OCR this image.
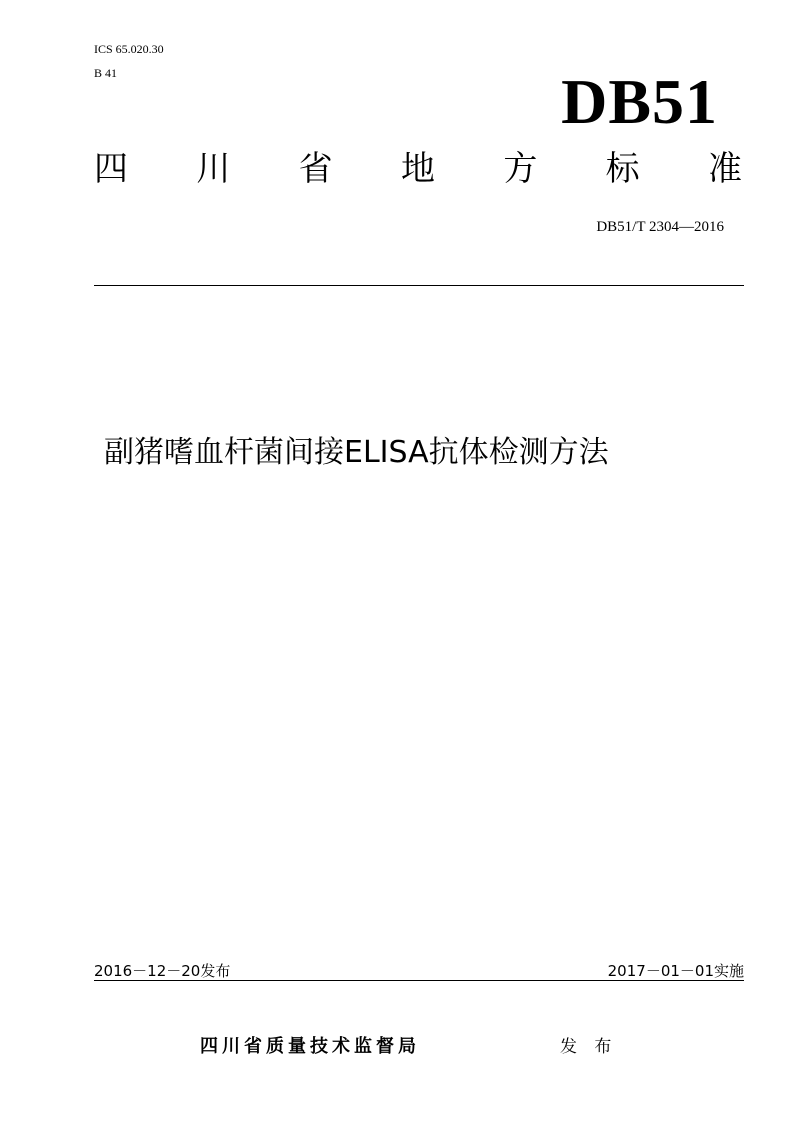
ICS 65.020.30
B 41	DB51
四 川 省 地 方 标 准
DB51/T 2304—2016
副猪嗜血杆菌间接ELISA抗体检测方法
2016－12－20发布	2017－01－01实施
四川省质量技术监督局	发 布
